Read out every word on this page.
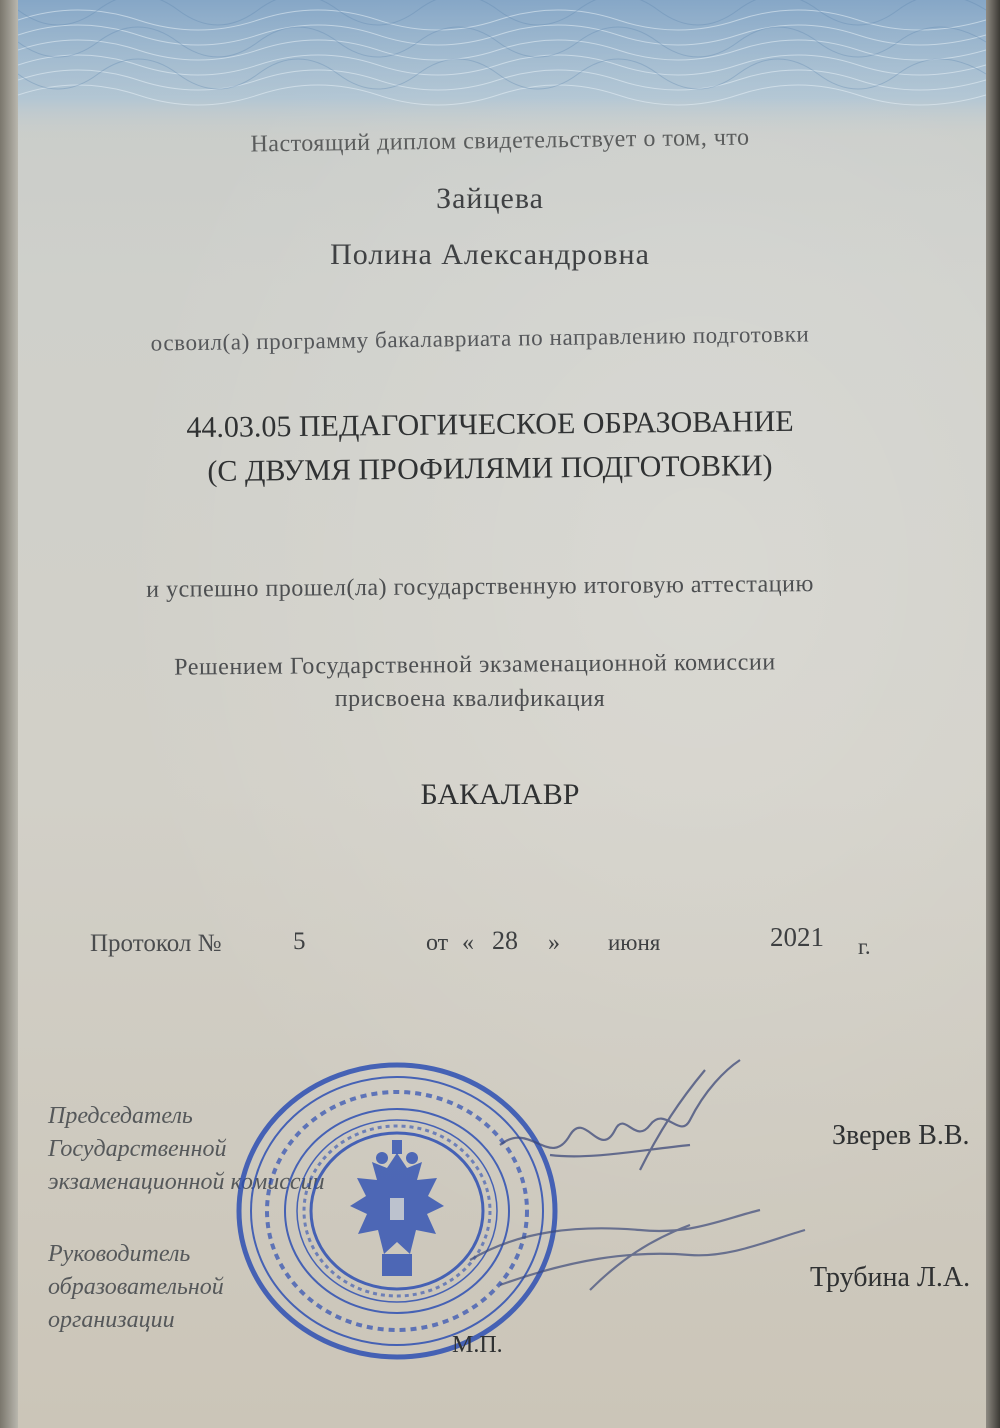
Настоящий диплом свидетельствует о том, что
Зайцева
Полина Александровна
освоил(а) программу бакалавриата по направлению подготовки
44.03.05 ПЕДАГОГИЧЕСКОЕ ОБРАЗОВАНИЕ
(С ДВУМЯ ПРОФИЛЯМИ ПОДГОТОВКИ)
и успешно прошел(ла) государственную итоговую аттестацию
Решением Государственной экзаменационной комиссии
присвоена квалификация
БАКАЛАВР
Протокол №	5	от « 28 » июня	2021 г.
Председатель
Государственной
экзаменационной комиссии
Руководитель образовательной
организации
Зверев В.В.
Трубина Л.А.
М.П.
